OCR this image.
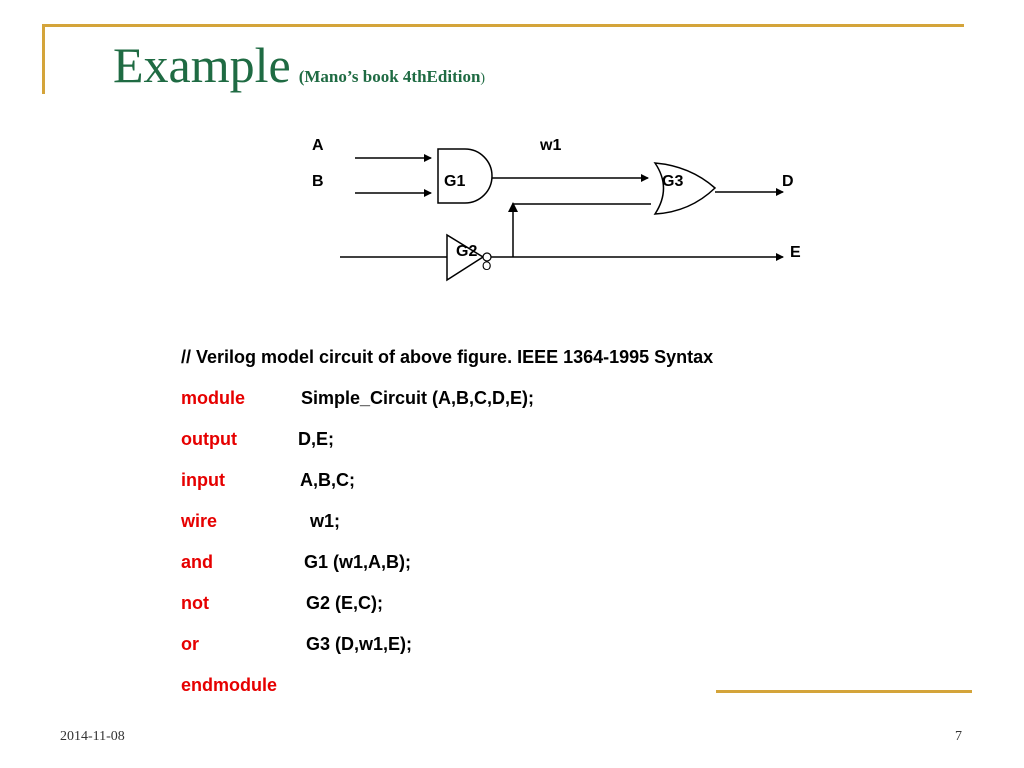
Example (Mano’s book 4thEdition)
A
B
w1
G1	G3	D
G2
O
E
// Verilog model circuit of above figure. IEEE 1364-1995 Syntax
module	Simple_Circuit (A,B,C,D,E);
output	D,E;
input	A,B,C;
wire	w1;
and	G1 (w1,A,B);
not	G2 (E,C);
or	G3 (D,w1,E);
endmodule
2014-11-08	7
